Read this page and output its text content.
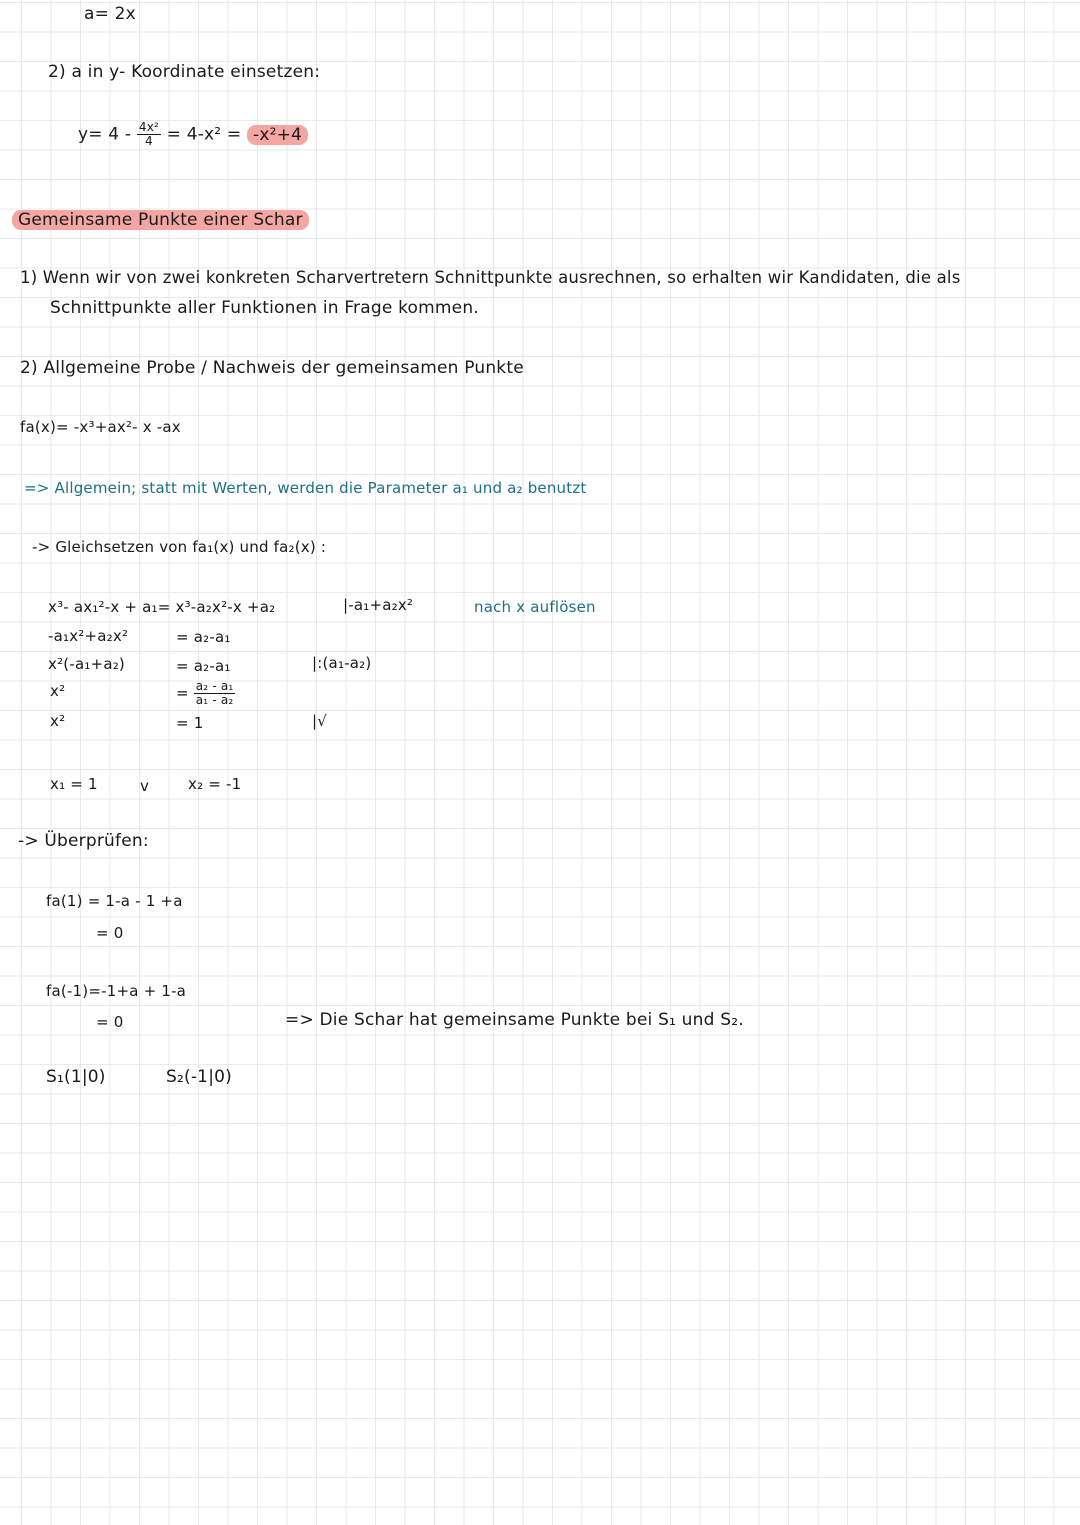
a= 2x
2) a in y- Koordinate einsetzen:
$y= 4 - \frac{\text{4x²}}{4} = 4-x^2 = -x^2+4$
Gemeinsame Punkte einer Schar
1) Wenn wir von zwei konkreten Scharvertretern Schnittpunkte ausrechnen, so erhalten wir Kandidaten, die als
Schnittpunkte aller Funktionen in Frage kommen.
2) Allgemeine Probe / Nachweis der gemeinsamen Punkte
fa(x)= -x³+ax²- x -ax
=> Allgemein; statt mit Werten, werden die Parameter a₁ und a₂ benutzt
-> Gleichsetzen von fa₁(x) und fa₂(x) :
x³- ax₁²-x + a₁= x³-a₂x²-x +a₂	|-a₁+a₂x²	nach x auflösen
-a₁x²+a₂x²	= a₂-a₁
x²(-a₁+a₂)	= a₂-a₁	|:(a₁-a₂)
x²	= $\frac{\text{a₂ - a₁}}{\text{a₁ - a₂}}$
x²	= 1	|√
x₁ = 1	v	x₂ = -1
-> Überprüfen:
fa(1) = 1-a - 1 +a
= 0
fa(-1)=-1+a + 1-a
= 0	=> Die Schar hat gemeinsame Punkte bei S₁ und S₂.
S₁(1|0)	S₂(-1|0)
